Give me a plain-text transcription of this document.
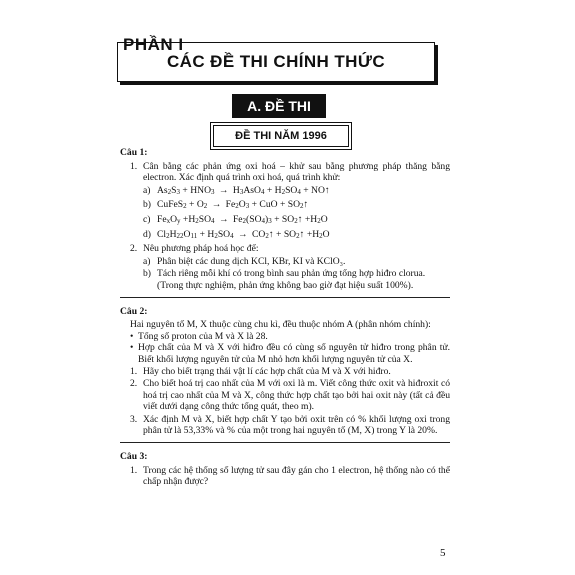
CÁC ĐỀ THI CHÍNH THỨC
PHẦN I
A. ĐỀ THI
ĐỀ THI NĂM 1996
Câu 1:
1. Cân bằng các phản ứng oxi hoá – khử sau bằng phương pháp thăng bằng electron. Xác định quá trình oxi hoá, quá trình khử:
a) As2S3 + HNO3 → H3AsO4 + H2SO4 + NO↑
b) CuFeS2 + O2 → Fe2O3 + CuO + SO2↑
c) FexOy +H2SO4 → Fe2(SO4)3 + SO2↑ +H2O
d) Cl2H22O11 + H2SO4 → CO2↑ + SO2↑ +H2O
2. Nêu phương pháp hoá học để:
a) Phân biệt các dung dịch KCl, KBr, KI và KClO₃.
b) Tách riêng mỗi khí có trong bình sau phản ứng tổng hợp hiđro clorua. (Trong thực nghiệm, phản ứng không bao giờ đạt hiệu suất 100%).
Câu 2:
Hai nguyên tố M, X thuộc cùng chu kì, đều thuộc nhóm A (phân nhóm chính):
• Tổng số proton của M và X là 28.
• Hợp chất của M và X với hiđro đều có cùng số nguyên tử hiđro trong phân tử. Biết khối lượng nguyên tử của M nhỏ hơn khối lượng nguyên tử của X.
1. Hãy cho biết trạng thái vật lí các hợp chất của M và X với hiđro.
2. Cho biết hoá trị cao nhất của M với oxi là m. Viết công thức oxit và hiđroxit có hoá trị cao nhất của M và X, công thức hợp chất tạo bởi hai oxit này (tất cả đều viết dưới dạng công thức tổng quát, theo m).
3. Xác định M và X, biết hợp chất Y tạo bởi oxit trên có % khối lượng oxi trong phân tử là 53,33% và % của một trong hai nguyên tố (M, X) trong Y là 20%.
Câu 3:
1. Trong các hệ thống số lượng tử sau đây gán cho 1 electron, hệ thống nào có thể chấp nhận được?
5
